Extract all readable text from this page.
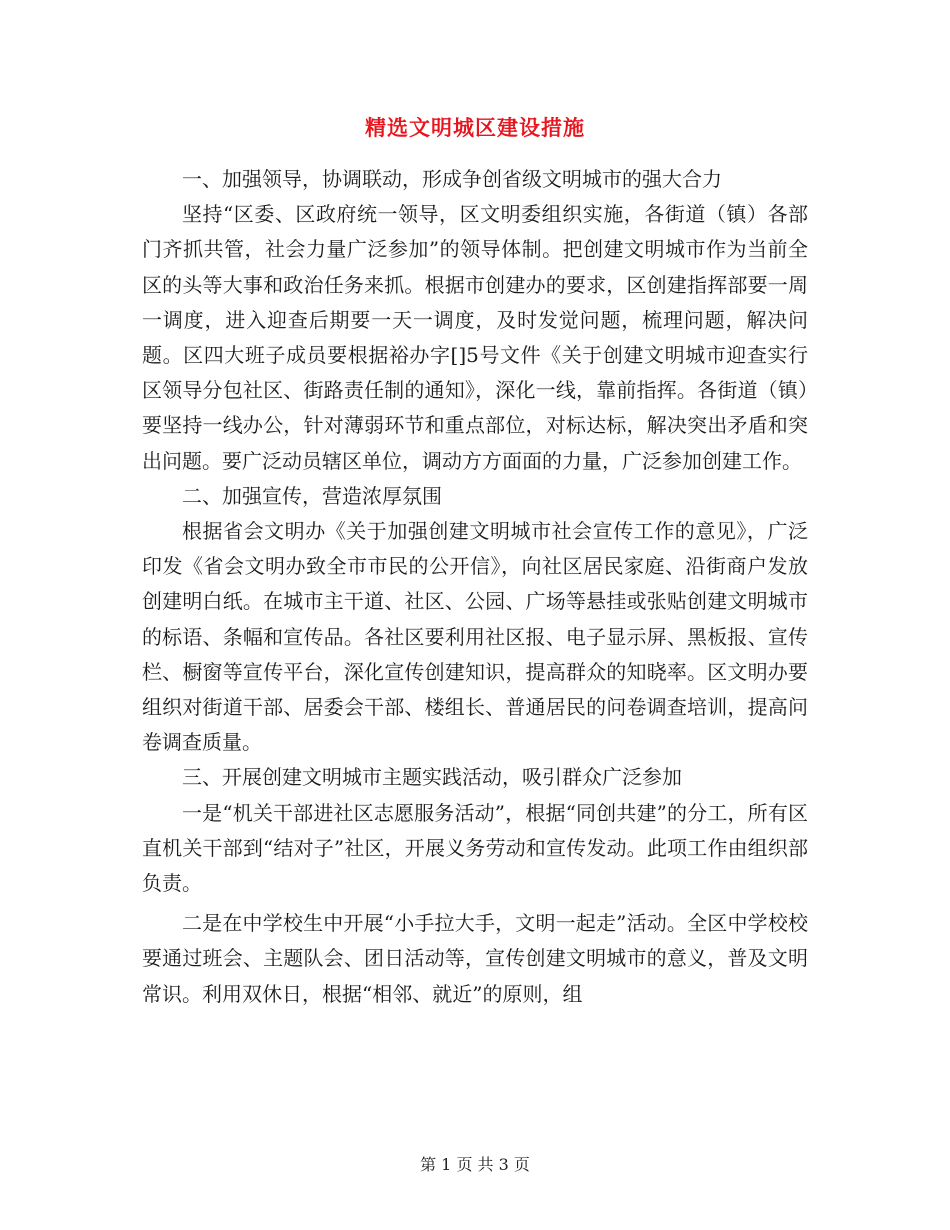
精选文明城区建设措施

一、加强领导，协调联动，形成争创省级文明城市的强大合力

坚持“区委、区政府统一领导，区文明委组织实施，各街道（镇）各部门齐抓共管，社会力量广泛参加”的领导体制。把创建文明城市作为当前全区的头等大事和政治任务来抓。根据市创建办的要求，区创建指挥部要一周一调度，进入迎查后期要一天一调度，及时发觉问题，梳理问题，解决问题。区四大班子成员要根据裕办字[]5号文件《关于创建文明城市迎查实行区领导分包社区、街路责任制的通知》，深化一线，靠前指挥。各街道（镇）要坚持一线办公，针对薄弱环节和重点部位，对标达标，解决突出矛盾和突出问题。要广泛动员辖区单位，调动方方面面的力量，广泛参加创建工作。

二、加强宣传，营造浓厚氛围

根据省会文明办《关于加强创建文明城市社会宣传工作的意见》，广泛印发《省会文明办致全市市民的公开信》，向社区居民家庭、沿街商户发放创建明白纸。在城市主干道、社区、公园、广场等悬挂或张贴创建文明城市的标语、条幅和宣传品。各社区要利用社区报、电子显示屏、黑板报、宣传栏、橱窗等宣传平台，深化宣传创建知识，提高群众的知晓率。区文明办要组织对街道干部、居委会干部、楼组长、普通居民的问卷调查培训，提高问卷调查质量。

三、开展创建文明城市主题实践活动，吸引群众广泛参加

一是“机关干部进社区志愿服务活动”，根据“同创共建”的分工，所有区直机关干部到“结对子”社区，开展义务劳动和宣传发动。此项工作由组织部负责。

二是在中学校生中开展“小手拉大手，文明一起走”活动。全区中学校校要通过班会、主题队会、团日活动等，宣传创建文明城市的意义，普及文明常识。利用双休日，根据“相邻、就近”的原则，组

第 1 页 共 3 页
